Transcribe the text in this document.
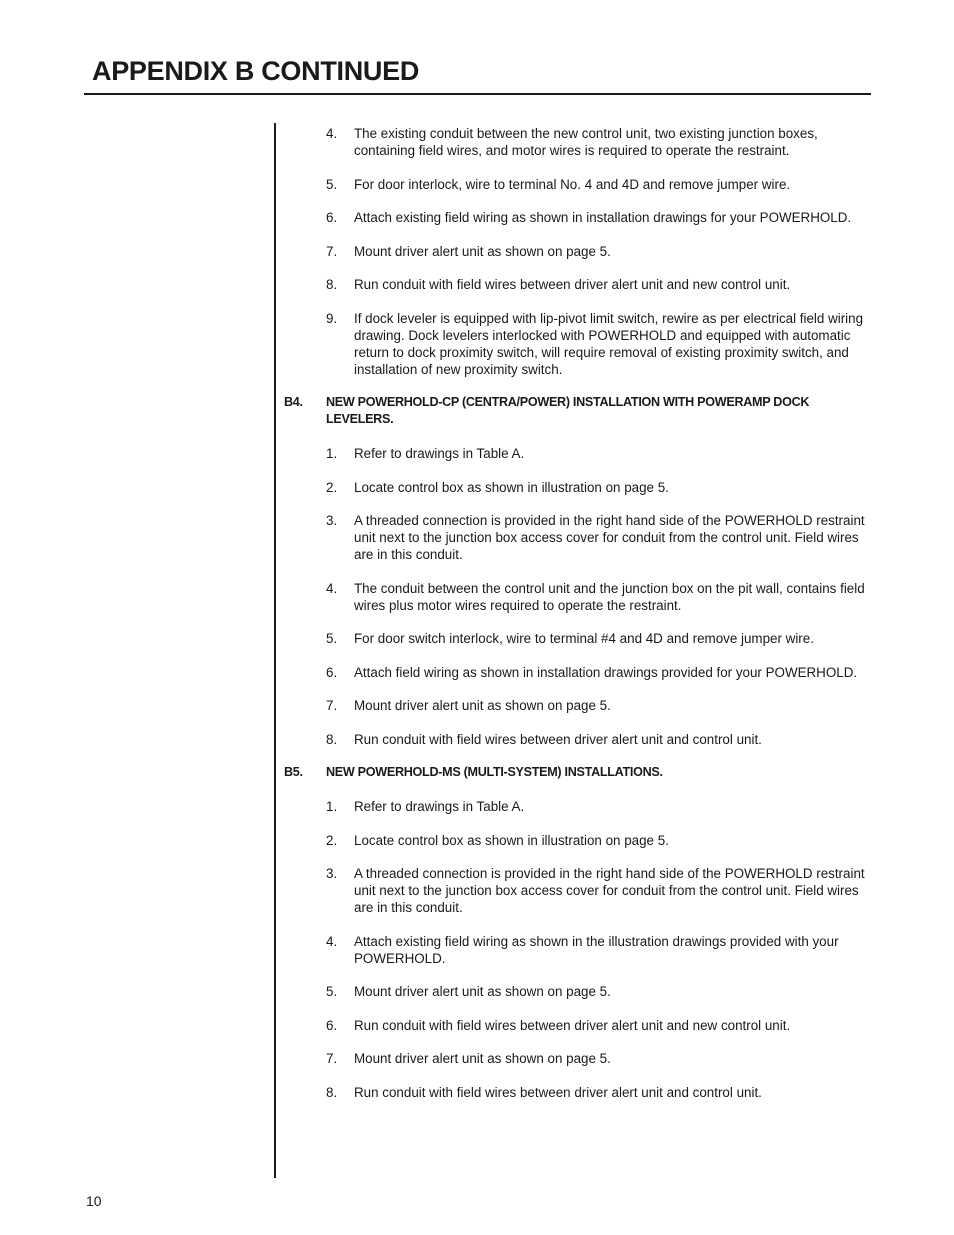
APPENDIX B CONTINUED
4. The existing conduit between the new control unit, two existing junction boxes, containing field wires, and motor wires is required to operate the restraint.
5. For door interlock, wire to terminal No. 4 and 4D and remove jumper wire.
6. Attach existing field wiring as shown in installation drawings for your POWERHOLD.
7. Mount driver alert unit as shown on page 5.
8. Run conduit with field wires between driver alert unit and new control unit.
9. If dock leveler is equipped with lip-pivot limit switch, rewire as per electrical field wiring drawing. Dock levelers interlocked with POWERHOLD and equipped with automatic return to dock proximity switch, will require removal of existing proximity switch, and installation of new proximity switch.
B4. NEW POWERHOLD-CP (CENTRA/POWER) INSTALLATION WITH POWERAMP DOCK LEVELERS.
1. Refer to drawings in Table A.
2. Locate control box as shown in illustration on page 5.
3. A threaded connection is provided in the right hand side of the POWERHOLD restraint unit next to the junction box access cover for conduit from the control unit. Field wires are in this conduit.
4. The conduit between the control unit and the junction box on the pit wall, contains field wires plus motor wires required to operate the restraint.
5. For door switch interlock, wire to terminal #4 and 4D and remove jumper wire.
6. Attach field wiring as shown in installation drawings provided for your POWERHOLD.
7. Mount driver alert unit as shown on page 5.
8. Run conduit with field wires between driver alert unit and control unit.
B5. NEW POWERHOLD-MS (MULTI-SYSTEM) INSTALLATIONS.
1. Refer to drawings in Table A.
2. Locate control box as shown in illustration on page 5.
3. A threaded connection is provided in the right hand side of the POWERHOLD restraint unit next to the junction box access cover for conduit from the control unit. Field wires are in this conduit.
4. Attach existing field wiring as shown in the illustration drawings provided with your POWERHOLD.
5. Mount driver alert unit as shown on page 5.
6. Run conduit with field wires between driver alert unit and new control unit.
7. Mount driver alert unit as shown on page 5.
8. Run conduit with field wires between driver alert unit and control unit.
10
